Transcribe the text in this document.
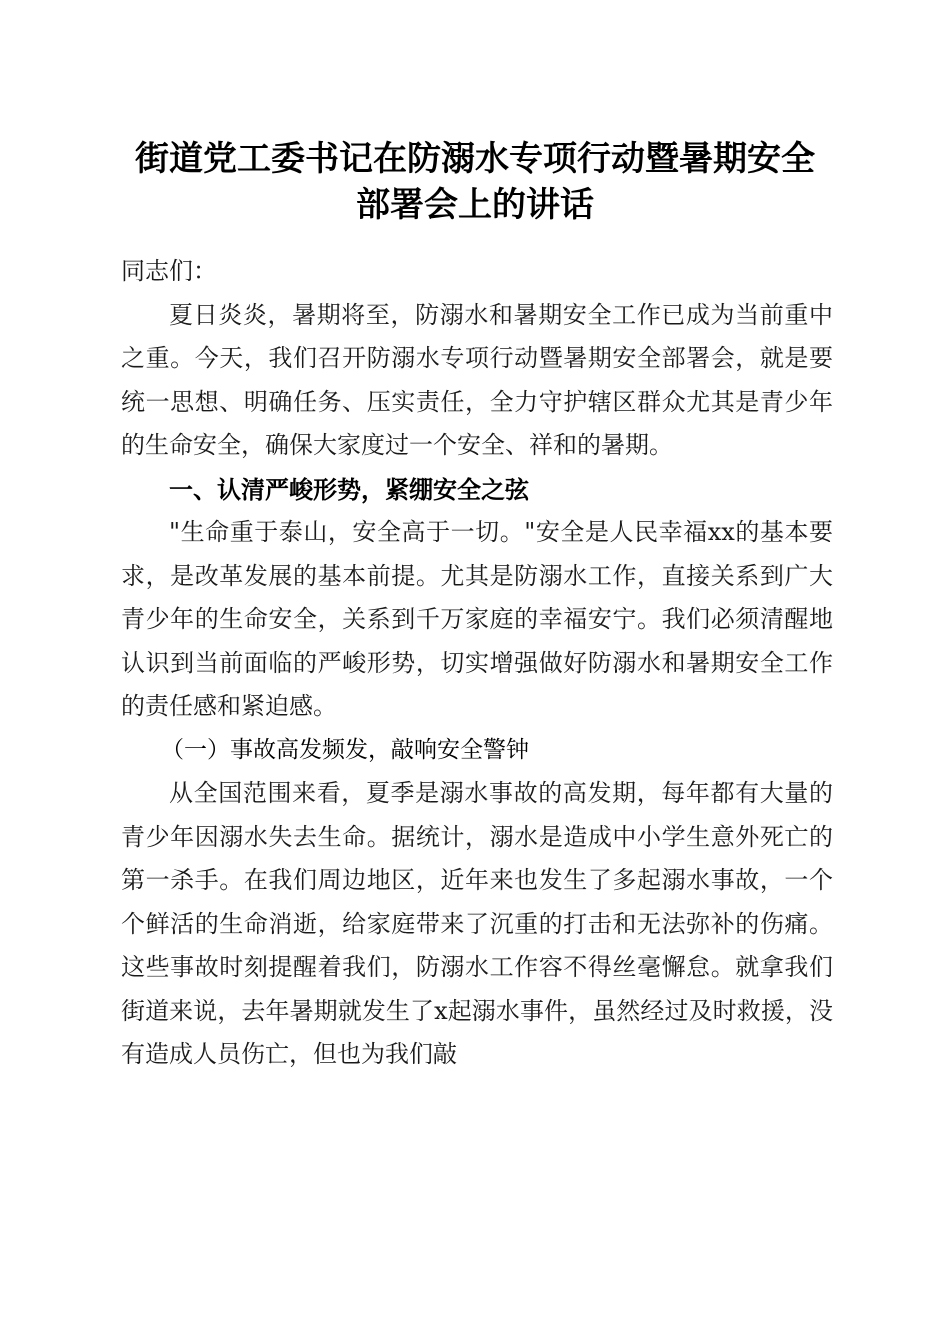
街道党工委书记在防溺水专项行动暨暑期安全
部署会上的讲话

同志们：

夏日炎炎，暑期将至，防溺水和暑期安全工作已成为当前重中之重。今天，我们召开防溺水专项行动暨暑期安全部署会，就是要统一思想、明确任务、压实责任，全力守护辖区群众尤其是青少年的生命安全，确保大家度过一个安全、祥和的暑期。

一、认清严峻形势，紧绷安全之弦

"生命重于泰山，安全高于一切。"安全是人民幸福xx的基本要求，是改革发展的基本前提。尤其是防溺水工作，直接关系到广大青少年的生命安全，关系到千万家庭的幸福安宁。我们必须清醒地认识到当前面临的严峻形势，切实增强做好防溺水和暑期安全工作的责任感和紧迫感。

（一）事故高发频发，敲响安全警钟

从全国范围来看，夏季是溺水事故的高发期，每年都有大量的青少年因溺水失去生命。据统计，溺水是造成中小学生意外死亡的第一杀手。在我们周边地区，近年来也发生了多起溺水事故，一个个鲜活的生命消逝，给家庭带来了沉重的打击和无法弥补的伤痛。这些事故时刻提醒着我们，防溺水工作容不得丝毫懈怠。就拿我们街道来说，去年暑期就发生了x起溺水事件，虽然经过及时救援，没有造成人员伤亡，但也为我们敲
